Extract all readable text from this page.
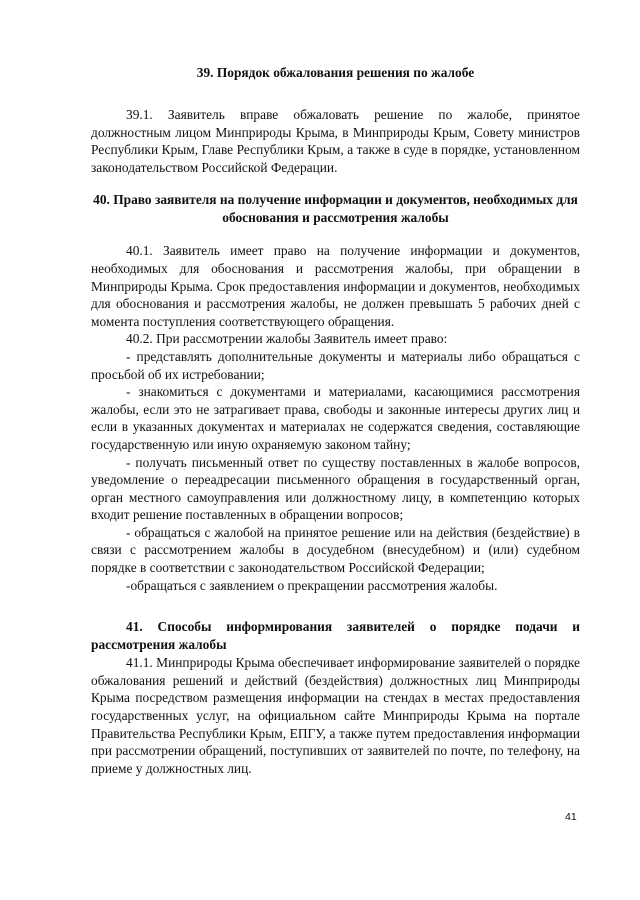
39. Порядок обжалования решения по жалобе
39.1. Заявитель вправе обжаловать решение по жалобе, принятое должностным лицом Минприроды Крыма, в Минприроды Крым, Совету министров Республики Крым, Главе Республики Крым, а также в суде в порядке, установленном законодательством Российской Федерации.
40. Право заявителя на получение информации и документов, необходимых для обоснования и рассмотрения жалобы
40.1. Заявитель имеет право на получение информации и документов, необходимых для обоснования и рассмотрения жалобы, при обращении в Минприроды Крыма. Срок предоставления информации и документов, необходимых для обоснования и рассмотрения жалобы, не должен превышать 5 рабочих дней с момента поступления соответствующего обращения.
40.2. При рассмотрении жалобы Заявитель имеет право:
- представлять дополнительные документы и материалы либо обращаться с просьбой об их истребовании;
- знакомиться с документами и материалами, касающимися рассмотрения жалобы, если это не затрагивает права, свободы и законные интересы других лиц и если в указанных документах и материалах не содержатся сведения, составляющие государственную или иную охраняемую законом тайну;
- получать письменный ответ по существу поставленных в жалобе вопросов, уведомление о переадресации письменного обращения в государственный орган, орган местного самоуправления или должностному лицу, в компетенцию которых входит решение поставленных в обращении вопросов;
- обращаться с жалобой на принятое решение или на действия (бездействие) в связи с рассмотрением жалобы в досудебном (внесудебном) и (или) судебном порядке в соответствии с законодательством Российской Федерации;
-обращаться с заявлением о прекращении рассмотрения жалобы.
41. Способы информирования заявителей о порядке подачи и рассмотрения жалобы
41.1. Минприроды Крыма обеспечивает информирование заявителей о порядке обжалования решений и действий (бездействия) должностных лиц Минприроды Крыма посредством размещения информации на стендах в местах предоставления государственных услуг, на официальном сайте Минприроды Крыма на портале Правительства Республики Крым, ЕПГУ, а также путем предоставления информации при рассмотрении обращений, поступивших от заявителей по почте, по телефону, на приеме у должностных лиц.
41
